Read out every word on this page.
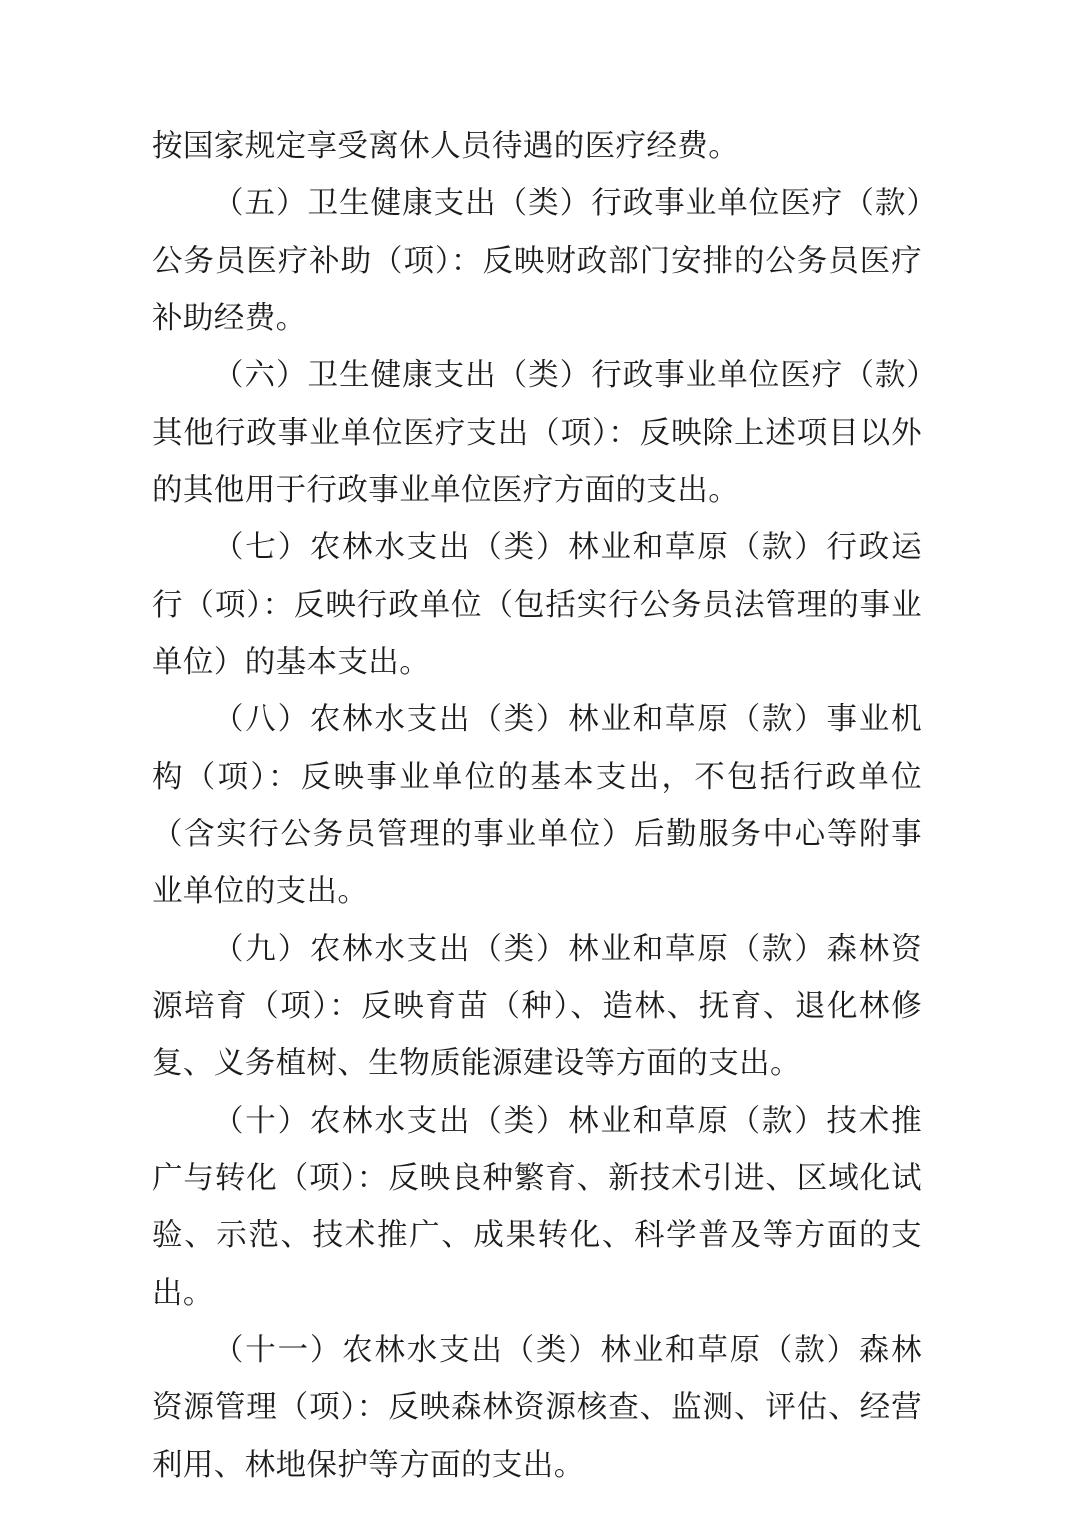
按国家规定享受离休人员待遇的医疗经费。

（五）卫生健康支出（类）行政事业单位医疗（款）公务员医疗补助（项）：反映财政部门安排的公务员医疗补助经费。

（六）卫生健康支出（类）行政事业单位医疗（款）其他行政事业单位医疗支出（项）：反映除上述项目以外的其他用于行政事业单位医疗方面的支出。

（七）农林水支出（类）林业和草原（款）行政运行（项）：反映行政单位（包括实行公务员法管理的事业单位）的基本支出。

（八）农林水支出（类）林业和草原（款）事业机构（项）：反映事业单位的基本支出，不包括行政单位（含实行公务员管理的事业单位）后勤服务中心等附事业单位的支出。

（九）农林水支出（类）林业和草原（款）森林资源培育（项）：反映育苗（种）、造林、抚育、退化林修复、义务植树、生物质能源建设等方面的支出。

（十）农林水支出（类）林业和草原（款）技术推广与转化（项）：反映良种繁育、新技术引进、区域化试验、示范、技术推广、成果转化、科学普及等方面的支出。

（十一）农林水支出（类）林业和草原（款）森林资源管理（项）：反映森林资源核查、监测、评估、经营利用、林地保护等方面的支出。
